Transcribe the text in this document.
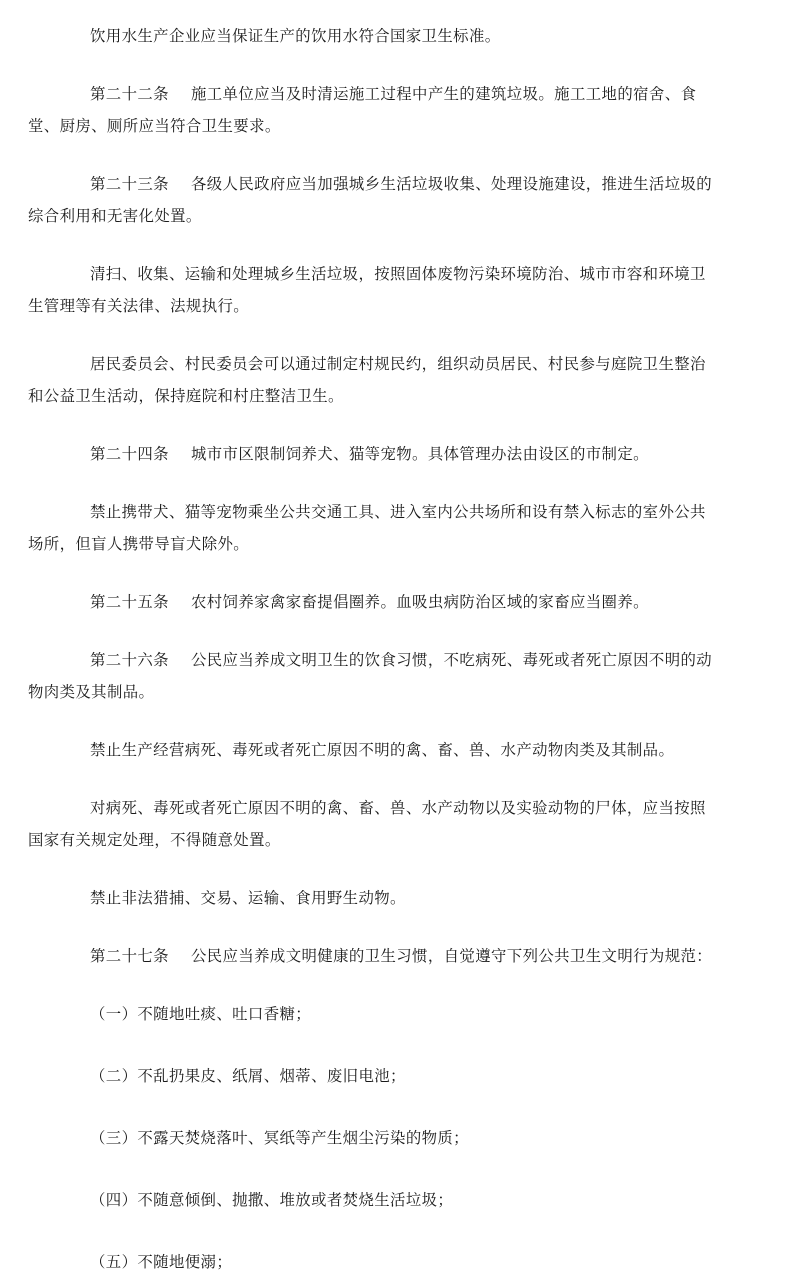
饮用水生产企业应当保证生产的饮用水符合国家卫生标准。

第二十二条 施工单位应当及时清运施工过程中产生的建筑垃圾。施工工地的宿舍、食
堂、厨房、厕所应当符合卫生要求。

第二十三条 各级人民政府应当加强城乡生活垃圾收集、处理设施建设，推进生活垃圾的
综合利用和无害化处置。

清扫、收集、运输和处理城乡生活垃圾，按照固体废物污染环境防治、城市市容和环境卫
生管理等有关法律、法规执行。

居民委员会、村民委员会可以通过制定村规民约，组织动员居民、村民参与庭院卫生整治
和公益卫生活动，保持庭院和村庄整洁卫生。

第二十四条 城市市区限制饲养犬、猫等宠物。具体管理办法由设区的市制定。

禁止携带犬、猫等宠物乘坐公共交通工具、进入室内公共场所和设有禁入标志的室外公共
场所，但盲人携带导盲犬除外。

第二十五条 农村饲养家禽家畜提倡圈养。血吸虫病防治区域的家畜应当圈养。

第二十六条 公民应当养成文明卫生的饮食习惯，不吃病死、毒死或者死亡原因不明的动
物肉类及其制品。

禁止生产经营病死、毒死或者死亡原因不明的禽、畜、兽、水产动物肉类及其制品。

对病死、毒死或者死亡原因不明的禽、畜、兽、水产动物以及实验动物的尸体，应当按照
国家有关规定处理，不得随意处置。

禁止非法猎捕、交易、运输、食用野生动物。

第二十七条 公民应当养成文明健康的卫生习惯，自觉遵守下列公共卫生文明行为规范：

（一）不随地吐痰、吐口香糖；

（二）不乱扔果皮、纸屑、烟蒂、废旧电池；

（三）不露天焚烧落叶、冥纸等产生烟尘污染的物质；

（四）不随意倾倒、抛撒、堆放或者焚烧生活垃圾；

（五）不随地便溺；
